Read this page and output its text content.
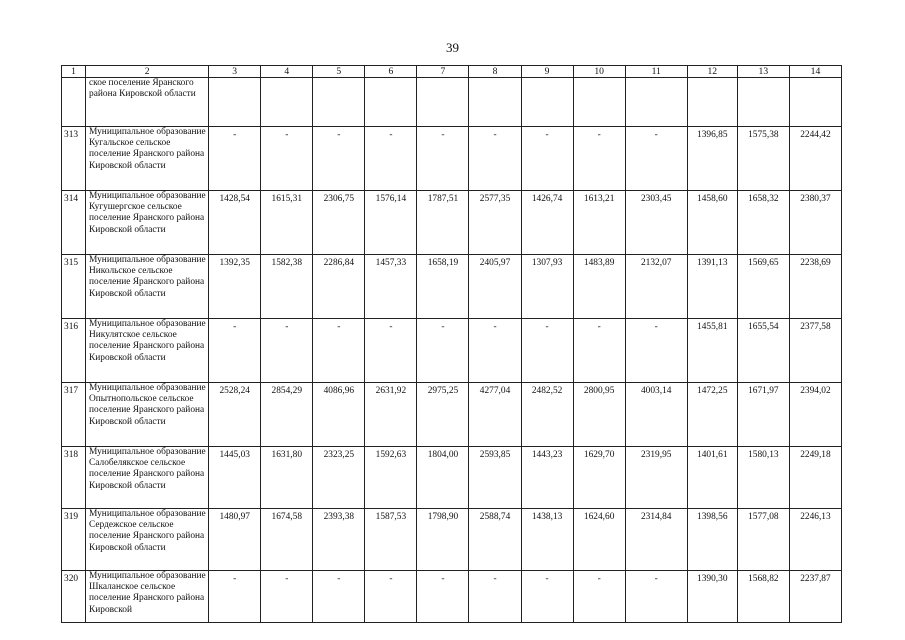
39
1	2	3	4	5	6	7	8	9	10	11	12	13	14
	ское поселение Яранского района Кировской области												
313	Муниципальное образование Кугальское сельское поселение Яранского района Кировской области	-	-	-	-	-	-	-	-	-	1396,85	1575,38	2244,42
314	Муниципальное образование Кугушергское сельское поселение Яранского района Кировской области	1428,54	1615,31	2306,75	1576,14	1787,51	2577,35	1426,74	1613,21	2303,45	1458,60	1658,32	2380,37
315	Муниципальное образование Никольское сельское поселение Яранского района Кировской области	1392,35	1582,38	2286,84	1457,33	1658,19	2405,97	1307,93	1483,89	2132,07	1391,13	1569,65	2238,69
316	Муниципальное образование Никулятское сельское поселение Яранского района Кировской области	-	-	-	-	-	-	-	-	-	1455,81	1655,54	2377,58
317	Муниципальное образование Опытнопольское сельское поселение Яранского района Кировской области	2528,24	2854,29	4086,96	2631,92	2975,25	4277,04	2482,52	2800,95	4003,14	1472,25	1671,97	2394,02
318	Муниципальное образование Салобелякское сельское поселение Яранского района Кировской области	1445,03	1631,80	2323,25	1592,63	1804,00	2593,85	1443,23	1629,70	2319,95	1401,61	1580,13	2249,18
319	Муниципальное образование Сердежское сельское поселение Яранского района Кировской области	1480,97	1674,58	2393,38	1587,53	1798,90	2588,74	1438,13	1624,60	2314,84	1398,56	1577,08	2246,13
320	Муниципальное образование Шкаланское сельское поселение Яранского района Кировской	-	-	-	-	-	-	-	-	-	1390,30	1568,82	2237,87
